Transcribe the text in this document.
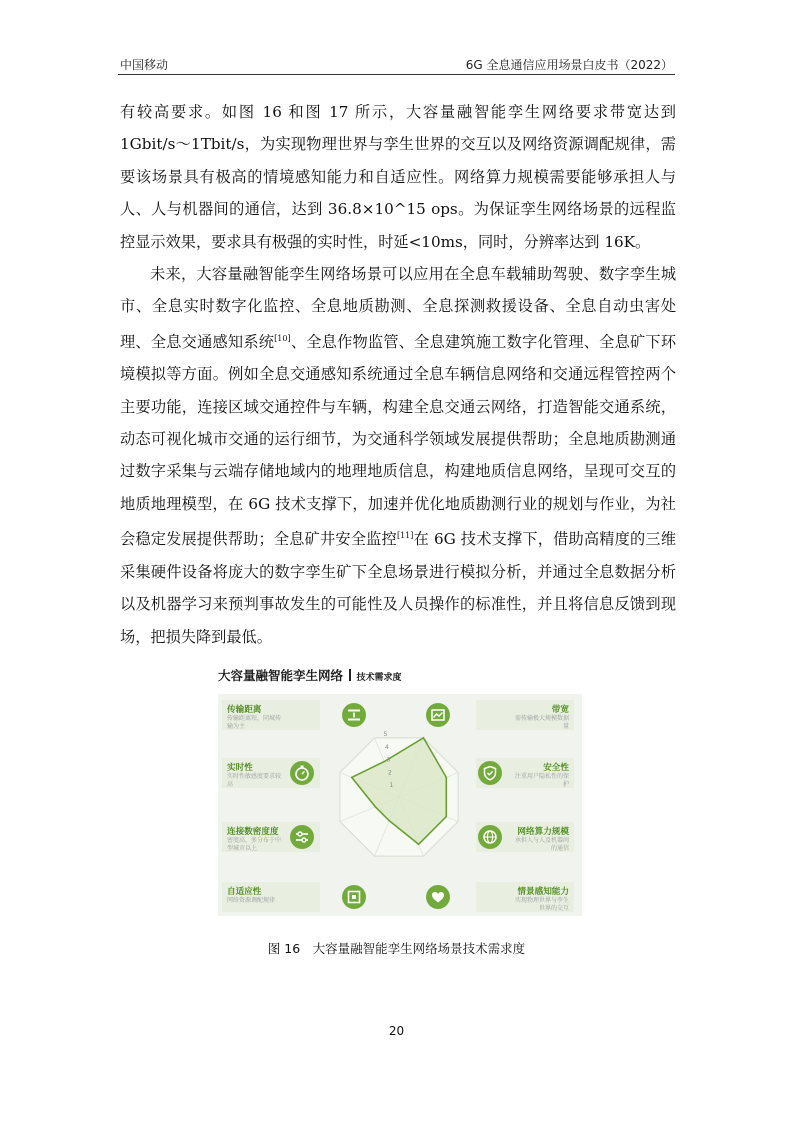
中国移动	6G 全息通信应用场景白皮书（2022）

有较高要求。如图 16 和图 17 所示，大容量融智能孪生网络要求带宽达到 1Gbit/s～1Tbit/s，为实现物理世界与孪生世界的交互以及网络资源调配规律，需要该场景具有极高的情境感知能力和自适应性。网络算力规模需要能够承担人与人、人与机器间的通信，达到 36.8×10^15 ops。为保证孪生网络场景的远程监控显示效果，要求具有极强的实时性，时延<10ms，同时，分辨率达到 16K。

未来，大容量融智能孪生网络场景可以应用在全息车载辅助驾驶、数字孪生城市、全息实时数字化监控、全息地质勘测、全息探测救援设备、全息自动虫害处理、全息交通感知系统[10]、全息作物监管、全息建筑施工数字化管理、全息矿下环境模拟等方面。例如全息交通感知系统通过全息车辆信息网络和交通远程管控两个主要功能，连接区域交通控件与车辆，构建全息交通云网络，打造智能交通系统，动态可视化城市交通的运行细节，为交通科学领域发展提供帮助；全息地质勘测通过数字采集与云端存储地域内的地理地质信息，构建地质信息网络，呈现可交互的地质地理模型，在 6G 技术支撑下，加速并优化地质勘测行业的规划与作业，为社会稳定发展提供帮助；全息矿井安全监控[11]在 6G 技术支撑下，借助高精度的三维采集硬件设备将庞大的数字孪生矿下全息场景进行模拟分析，并通过全息数据分析以及机器学习来预判事故发生的可能性及人员操作的标准性，并且将信息反馈到现场，把损失降到最低。

大容量融智能孪生网络 技术需求度
传输距离
传输距离短，同城传输为主
实时性
实时性敏感度要求较高
连接数密度度
密度高，多分布于中型城市以上
自适应性
网络资源调配规律
带宽
需传输极大规模数据量
安全性
注重用户隐私性的保护
网络算力规模
承担人与人及机器间的通信
情景感知能力
实现物理世界与孪生世界的交互
1
2
3
4
5
图 16　大容量融智能孪生网络场景技术需求度
20
